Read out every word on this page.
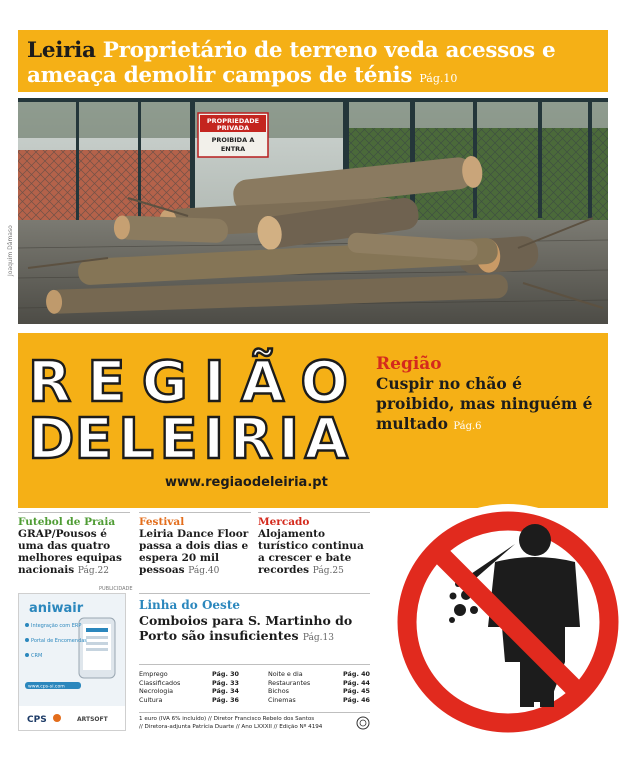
Leiria Proprietário de terreno veda acessos e ameaça demolir campos de ténis Pág.10
PROPRIEDADE
PRIVADA
PROIBIDA A
ENTRA
Joaquim Dâmaso
R E G I Ã O
DE L E I R I A
www.regiaodeleiria.pt
Região
Cuspir no chão é proibido, mas ninguém é multado Pág.6
Futebol de Praia
GRAP/Pousos é uma das quatro melhores equipas nacionais Pág.22
Festival
Leiria Dance Floor passa a dois dias e espera 20 mil pessoas Pág.40
Mercado
Alojamento turístico continua a crescer e bate recordes Pág.25
PUBLICIDADE
aniwair
Integração com ERP
Portal de Encomendas
CRM
www.cps-si.com
CPS	ARTSOFT
Linha do Oeste
Comboios para S. Martinho do Porto são insuficientes Pág.13
Emprego	Pág. 30
Classificados	Pág. 33
Necrologia	Pág. 34
Cultura	Pág. 36
Noite e dia	Pág. 40
Restaurantes	Pág. 44
Bichos	Pág. 45
Cinemas	Pág. 46
1 euro (IVA 6% incluído) // Diretor Francisco Rebelo dos Santos
// Diretora-adjunta Patrícia Duarte // Ano LXXXII // Edição Nº 4194
